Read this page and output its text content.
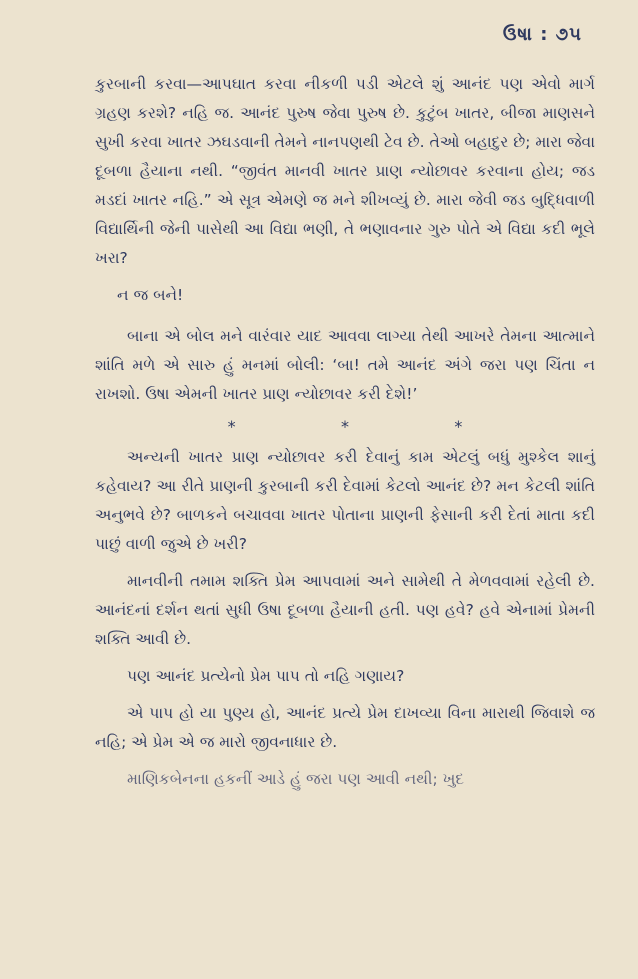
ઉષા : ૭૫

કુરબાની કરવા—આપઘાત કરવા નીકળી પડી એટલે શું આનંદ પણ એવો માર્ગ ગ્રહણ કરશે? નહિ જ. આનંદ પુરુષ જેવા પુરુષ છે. કુટુંબ ખાતર, બીજા માણસને સુખી કરવા ખાતર ઝઘડવાની તેમને નાનપણથી ટેવ છે. તેઓ બહાદુર છે; મારા જેવા દૂબળા હૈયાના નથી. “જીવંત માનવી ખાતર પ્રાણ ન્યોછાવર કરવાના હોય; જડ મડદાં ખાતર નહિ.” એ સૂત્ર એમણે જ મને શીખવ્યું છે. મારા જેવી જડ બુદ્ધિવાળી વિદ્યાર્થિની જેની પાસેથી આ વિદ્યા ભણી, તે ભણાવનાર ગુરુ પોતે એ વિદ્યા કદી ભૂલે ખરા?

ન જ બને!

બાના એ બોલ મને વારંવાર યાદ આવવા લાગ્યા તેથી આખરે તેમના આત્માને શાંતિ મળે એ સારુ હું મનમાં બોલી: ‘બા! તમે આનંદ અંગે જરા પણ ચિંતા ન રાખશો. ઉષા એમની ખાતર પ્રાણ ન્યોછાવર કરી દેશે!’

*	*	*

અન્યની ખાતર પ્રાણ ન્યોછાવર કરી દેવાનું કામ એટલું બધું મુશ્કેલ શાનું કહેવાય? આ રીતે પ્રાણની કુરબાની કરી દેવામાં કેટલો આનંદ છે? મન કેટલી શાંતિ અનુભવે છે? બાળકને બચાવવા ખાતર પોતાના પ્રાણની ફેસાની કરી દેતાં માતા કદી પાછું વાળી જુએ છે ખરી?

માનવીની તમામ શક્તિ પ્રેમ આપવામાં અને સામેથી તે મેળવવામાં રહેલી છે. આનંદનાં દર્શન થતાં સુધી ઉષા દૂબળા હૈયાની હતી. પણ હવે? હવે એનામાં પ્રેમની શક્તિ આવી છે.

પણ આનંદ પ્રત્યેનો પ્રેમ પાપ તો નહિ ગણાય?

એ પાપ હો યા પુણ્ય હો, આનંદ પ્રત્યે પ્રેમ દાખવ્યા વિના મારાથી જિવાશે જ નહિ; એ પ્રેમ એ જ મારો જીવનાધાર છે.

માણિકબેનના હકનીં આડે હું જરા પણ આવી નથી; ખુદ
